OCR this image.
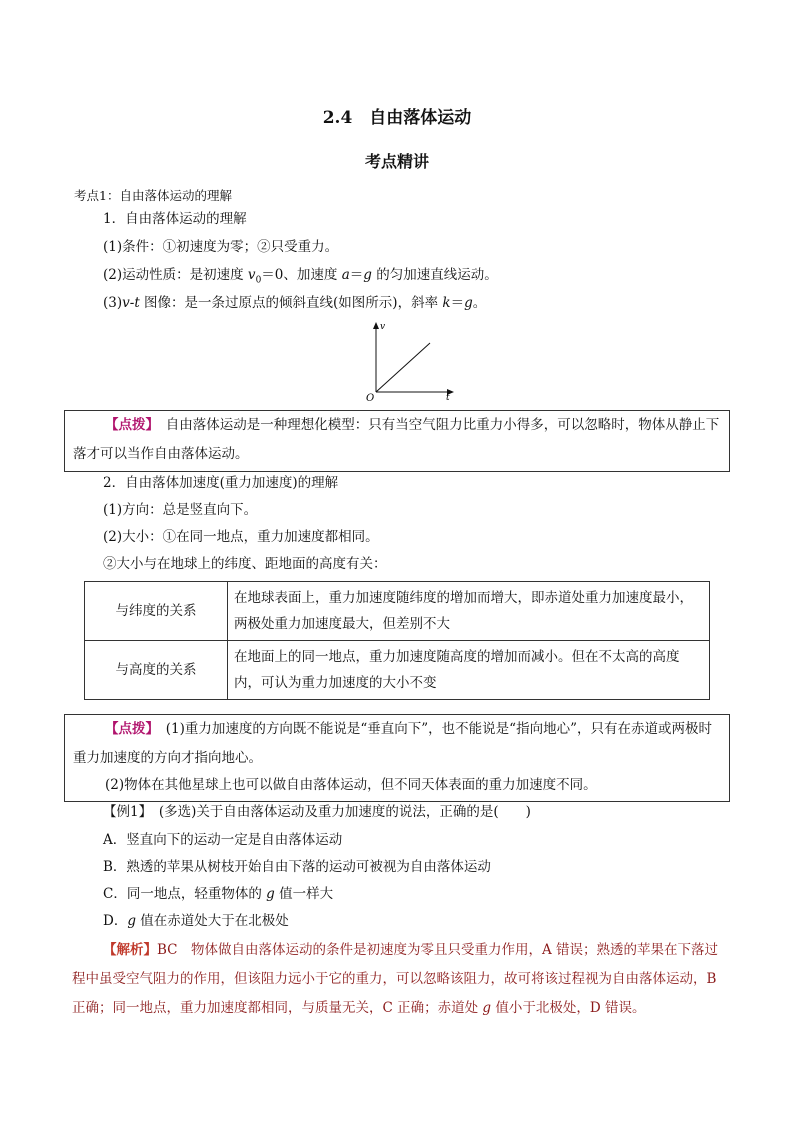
2.4　自由落体运动
考点精讲
考点1：自由落体运动的理解
1．自由落体运动的理解
(1)条件：①初速度为零；②只受重力。
(2)运动性质：是初速度 $v_0=0$、加速度 a＝g 的匀加速直线运动。
(3)v-t 图像：是一条过原点的倾斜直线(如图所示)，斜率 k＝g。
v
t
O
【点拨】　 自由落体运动是一种理想化模型：只有当空气阻力比重力小得多，可以忽略时，物体从静止下落才可以当作自由落体运动。
2．自由落体加速度(重力加速度)的理解
(1)方向：总是竖直向下。
(2)大小：①在同一地点，重力加速度都相同。
②大小与在地球上的纬度、距地面的高度有关：
与纬度的关系	在地球表面上，重力加速度随纬度的增加而增大，即赤道处重力加速度最小，
两极处重力加速度最大，但差别不大
与高度的关系	在地面上的同一地点，重力加速度随高度的增加而减小。但在不太高的高度
内，可认为重力加速度的大小不变
【点拨】　 (1)重力加速度的方向既不能说是“垂直向下”，也不能说是“指向地心”，只有在赤道或两极时重力加速度的方向才指向地心。
(2)物体在其他星球上也可以做自由落体运动，但不同天体表面的重力加速度不同。
【例1】　(多选)关于自由落体运动及重力加速度的说法，正确的是(　　)
A．竖直向下的运动一定是自由落体运动
B．熟透的苹果从树枝开始自由下落的运动可被视为自由落体运动
C．同一地点，轻重物体的 g 值一样大
D．g 值在赤道处大于在北极处
【解析】BC　物体做自由落体运动的条件是初速度为零且只受重力作用，A 错误；熟透的苹果在下落过程中虽受空气阻力的作用，但该阻力远小于它的重力，可以忽略该阻力，故可将该过程视为自由落体运动，B 正确；同一地点，重力加速度都相同，与质量无关，C 正确；赤道处 g 值小于北极处，D 错误。
